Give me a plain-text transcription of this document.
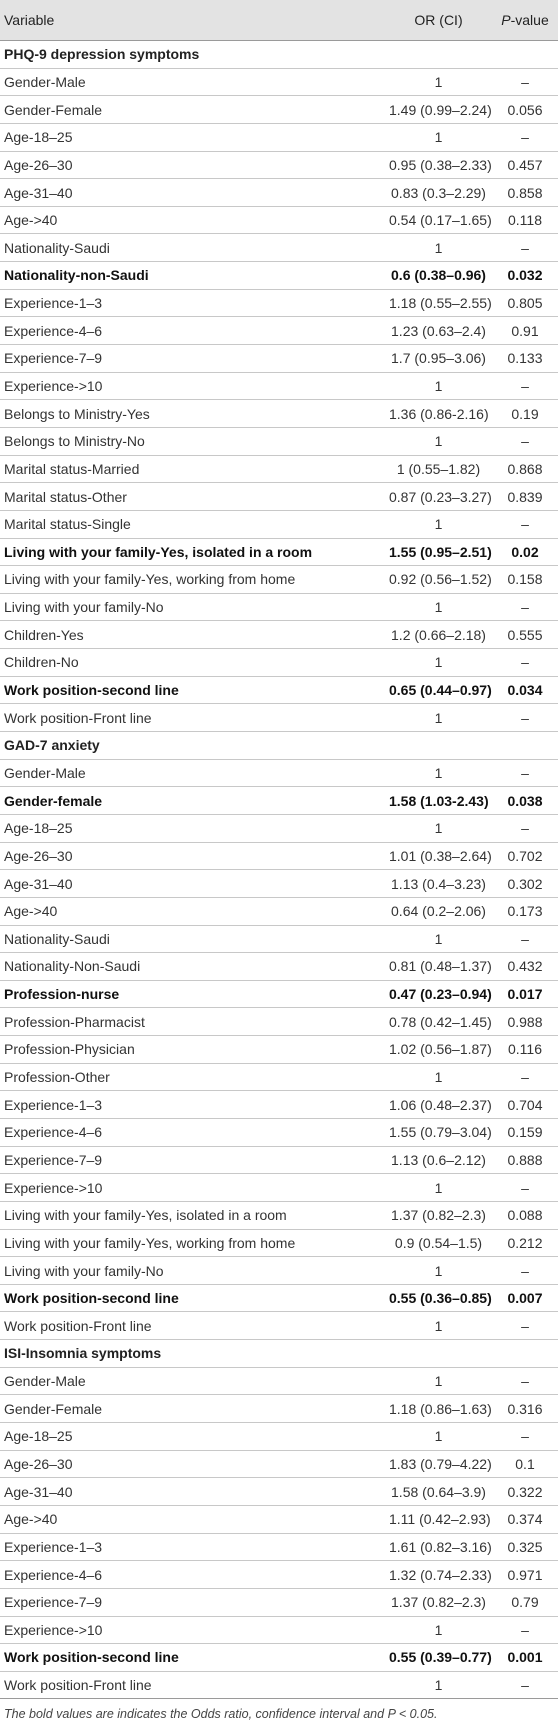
Variable	OR (CI)	P-value
PHQ-9 depression symptoms		
Gender-Male	1	–
Gender-Female	1.49 (0.99–2.24)	0.056
Age-18–25	1	–
Age-26–30	0.95 (0.38–2.33)	0.457
Age-31–40	0.83 (0.3–2.29)	0.858
Age->40	0.54 (0.17–1.65)	0.118
Nationality-Saudi	1	–
Nationality-non-Saudi	0.6 (0.38–0.96)	0.032
Experience-1–3	1.18 (0.55–2.55)	0.805
Experience-4–6	1.23 (0.63–2.4)	0.91
Experience-7–9	1.7 (0.95–3.06)	0.133
Experience->10	1	–
Belongs to Ministry-Yes	1.36 (0.86-2.16)	0.19
Belongs to Ministry-No	1	–
Marital status-Married	1 (0.55–1.82)	0.868
Marital status-Other	0.87 (0.23–3.27)	0.839
Marital status-Single	1	–
Living with your family-Yes, isolated in a room	1.55 (0.95–2.51)	0.02
Living with your family-Yes, working from home	0.92 (0.56–1.52)	0.158
Living with your family-No	1	–
Children-Yes	1.2 (0.66–2.18)	0.555
Children-No	1	–
Work position-second line	0.65 (0.44–0.97)	0.034
Work position-Front line	1	–
GAD-7 anxiety		
Gender-Male	1	–
Gender-female	1.58 (1.03-2.43)	0.038
Age-18–25	1	–
Age-26–30	1.01 (0.38–2.64)	0.702
Age-31–40	1.13 (0.4–3.23)	0.302
Age->40	0.64 (0.2–2.06)	0.173
Nationality-Saudi	1	–
Nationality-Non-Saudi	0.81 (0.48–1.37)	0.432
Profession-nurse	0.47 (0.23–0.94)	0.017
Profession-Pharmacist	0.78 (0.42–1.45)	0.988
Profession-Physician	1.02 (0.56–1.87)	0.116
Profession-Other	1	–
Experience-1–3	1.06 (0.48–2.37)	0.704
Experience-4–6	1.55 (0.79–3.04)	0.159
Experience-7–9	1.13 (0.6–2.12)	0.888
Experience->10	1	–
Living with your family-Yes, isolated in a room	1.37 (0.82–2.3)	0.088
Living with your family-Yes, working from home	0.9 (0.54–1.5)	0.212
Living with your family-No	1	–
Work position-second line	0.55 (0.36–0.85)	0.007
Work position-Front line	1	–
ISI-Insomnia symptoms		
Gender-Male	1	–
Gender-Female	1.18 (0.86–1.63)	0.316
Age-18–25	1	–
Age-26–30	1.83 (0.79–4.22)	0.1
Age-31–40	1.58 (0.64–3.9)	0.322
Age->40	1.11 (0.42–2.93)	0.374
Experience-1–3	1.61 (0.82–3.16)	0.325
Experience-4–6	1.32 (0.74–2.33)	0.971
Experience-7–9	1.37 (0.82–2.3)	0.79
Experience->10	1	–
Work position-second line	0.55 (0.39–0.77)	0.001
Work position-Front line	1	–
The bold values are indicates the Odds ratio, confidence interval and P < 0.05.
